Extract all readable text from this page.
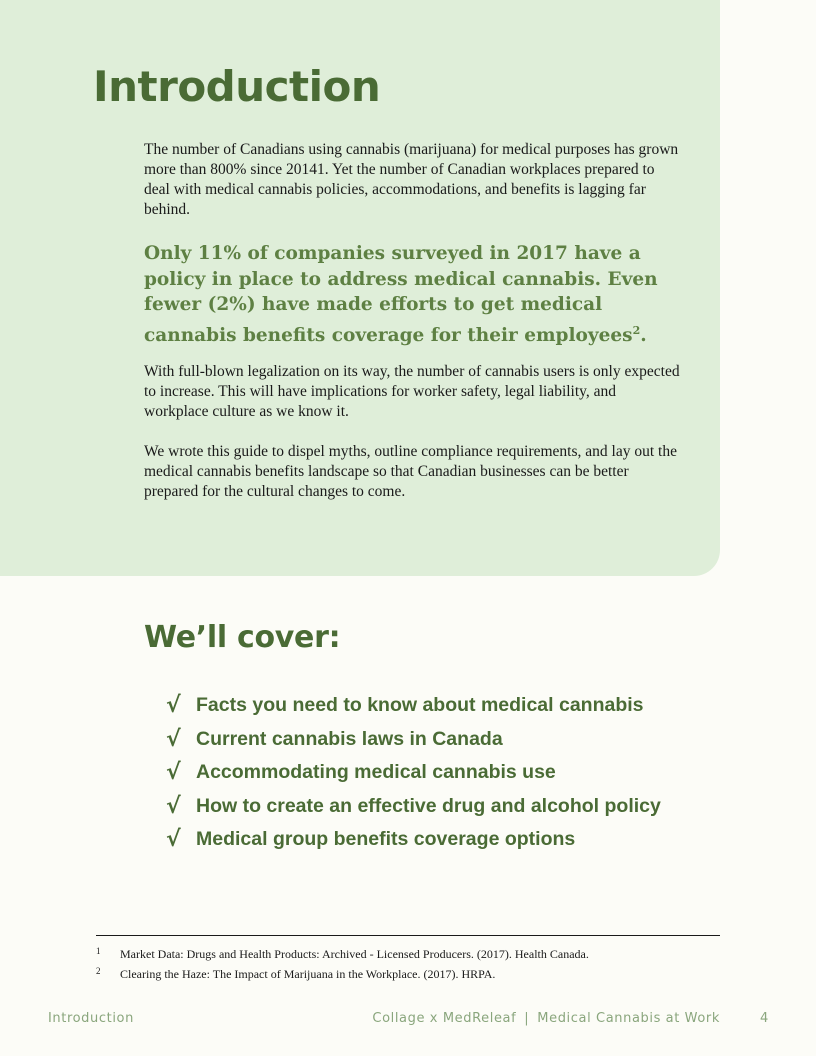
Introduction

The number of Canadians using cannabis (marijuana) for medical purposes has grown more than 800% since 20141. Yet the number of Canadian workplaces prepared to deal with medical cannabis policies, accommodations, and benefits is lagging far behind.

Only 11% of companies surveyed in 2017 have a policy in place to address medical cannabis. Even fewer (2%) have made efforts to get medical cannabis benefits coverage for their employees$^2$.

With full-blown legalization on its way, the number of cannabis users is only expected to increase. This will have implications for worker safety, legal liability, and workplace culture as we know it.

We wrote this guide to dispel myths, outline compliance requirements, and lay out the medical cannabis benefits landscape so that Canadian businesses can be better prepared for the cultural changes to come.

We’ll cover:
√ Facts you need to know about medical cannabis
√ Current cannabis laws in Canada
√ Accommodating medical cannabis use
√ How to create an effective drug and alcohol policy
√ Medical group benefits coverage options

1	Market Data: Drugs and Health Products: Archived - Licensed Producers. (2017). Health Canada.

2	Clearing the Haze: The Impact of Marijuana in the Workplace. (2017). HRPA.

Introduction	Collage x MedReleaf | Medical Cannabis at Work	4
